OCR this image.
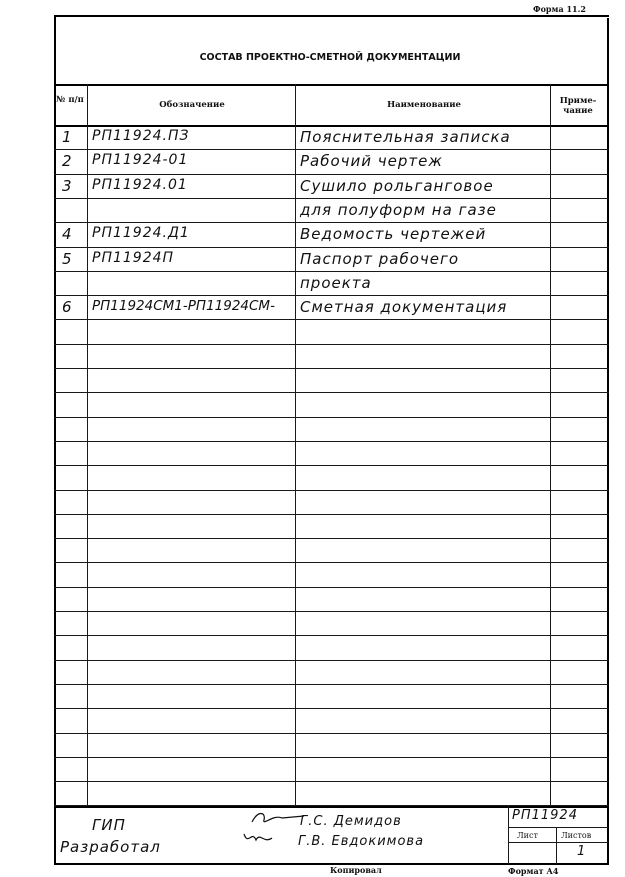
Форма 11.2
СОСТАВ ПРОЕКТНО-СМЕТНОЙ ДОКУМЕНТАЦИИ
№ п/п	Обозначение	Наименование	Приме-чание
1 РП11924.ПЗ	Пояснительная записка
2 РП11924-01	Рабочий чертеж
3 РП11924.01	Сушило рольганговое
для полуформ на газе
4 РП11924.Д1	Ведомость чертежей
5 РП11924П	Паспорт рабочего
проекта
6 РП11924СМ1-РП11924СМ- Сметная документация
ГИП
Разработал
Г.С. Демидов
Г.В. Евдокимова
РП11924
Лист	Листов
1
Копировал	Формат А4
